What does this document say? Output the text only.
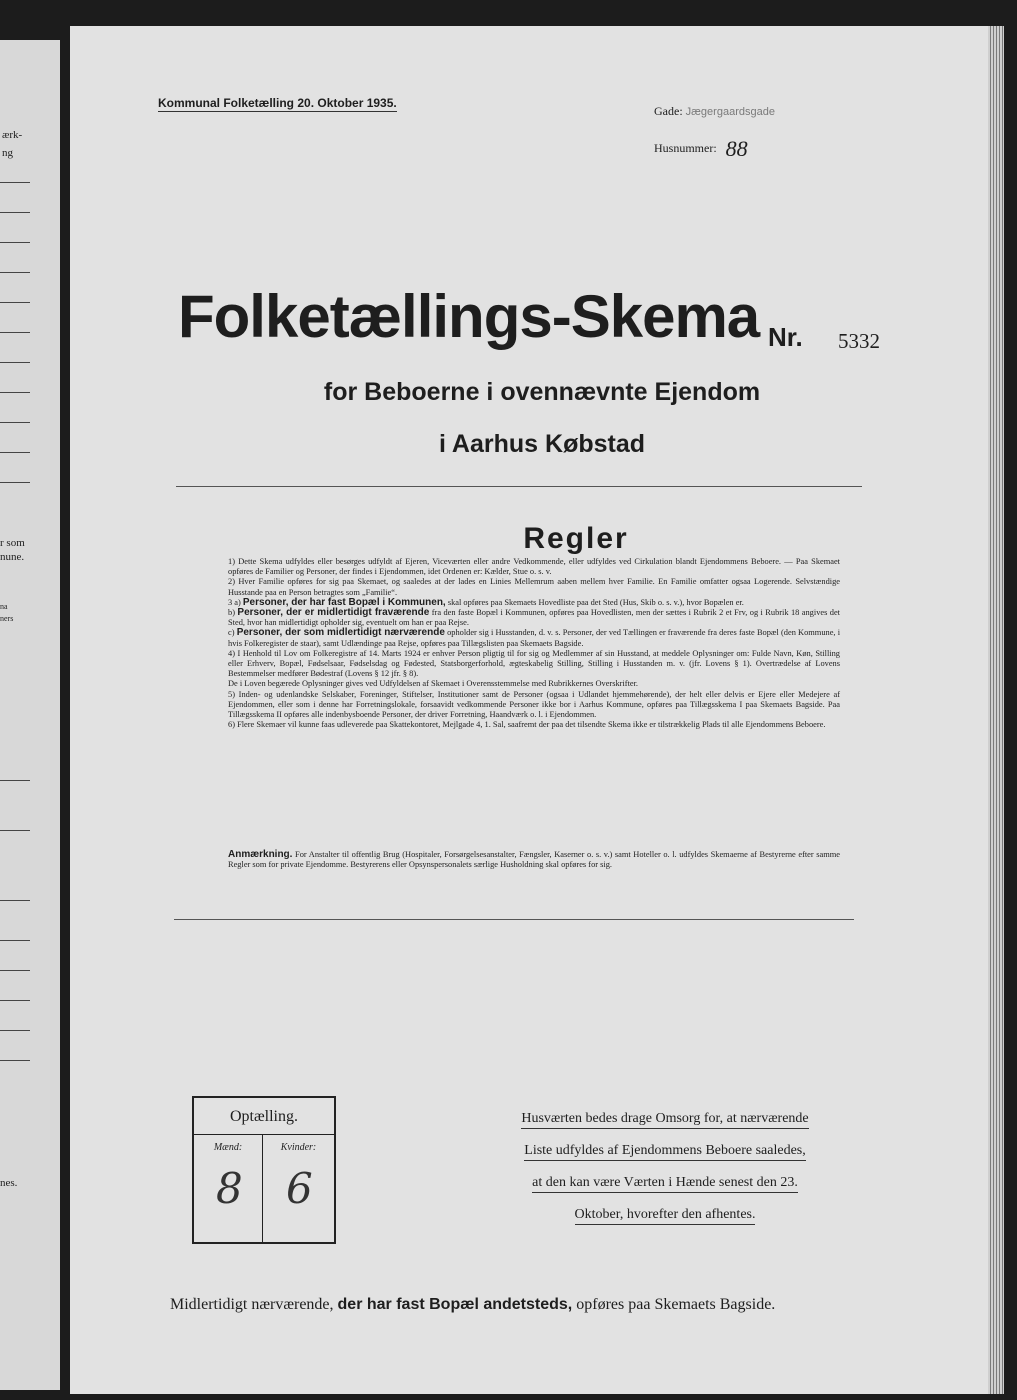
ærk-
ng
r som
nune.
na
ners
nes.
Kommunal Folketælling 20. Oktober 1935.
Gade: Jægergaardsgade
Husnummer: 88
Folketællings-Skema Nr. 5332
for Beboerne i ovennævnte Ejendom
i Aarhus Købstad
Regler

1) Dette Skema udfyldes eller besørges udfyldt af Ejeren, Viceværten eller andre Vedkommende, eller udfyldes ved Cirkulation blandt Ejendommens Beboere. — Paa Skemaet opføres de Familier og Personer, der findes i Ejendommen, idet Ordenen er: Kælder, Stue o. s. v.

2) Hver Familie opføres for sig paa Skemaet, og saaledes at der lades en Linies Mellemrum aaben mellem hver Familie. En Familie omfatter ogsaa Logerende. Selvstændige Husstande paa en Person betragtes som „Familie“.

3 a) Personer, der har fast Bopæl i Kommunen, skal opføres paa Skemaets Hovedliste paa det Sted (Hus, Skib o. s. v.), hvor Bopælen er.

b) Personer, der er midlertidigt fraværende fra den faste Bopæl i Kommunen, opføres paa Hovedlisten, men der sættes i Rubrik 2 et Frv, og i Rubrik 18 angives det Sted, hvor han midlertidigt opholder sig, eventuelt om han er paa Rejse.

c) Personer, der som midlertidigt nærværende opholder sig i Husstanden, d. v. s. Personer, der ved Tællingen er fraværende fra deres faste Bopæl (den Kommune, i hvis Folkeregister de staar), samt Udlændinge paa Rejse, opføres paa Tillægslisten paa Skemaets Bagside.

4) I Henhold til Lov om Folkeregistre af 14. Marts 1924 er enhver Person pligtig til for sig og Medlemmer af sin Husstand, at meddele Oplysninger om: Fulde Navn, Køn, Stilling eller Erhverv, Bopæl, Fødselsaar, Fødselsdag og Fødested, Statsborgerforhold, ægteskabelig Stilling, Stilling i Husstanden m. v. (jfr. Lovens § 1). Overtrædelse af Lovens Bestemmelser medfører Bødestraf (Lovens § 12 jfr. § 8).

De i Loven begærede Oplysninger gives ved Udfyldelsen af Skemaet i Overensstemmelse med Rubrikkernes Overskrifter.

5) Inden- og udenlandske Selskaber, Foreninger, Stiftelser, Institutioner samt de Personer (ogsaa i Udlandet hjemmehørende), der helt eller delvis er Ejere eller Medejere af Ejendommen, eller som i denne har Forretningslokale, forsaavidt vedkommende Personer ikke bor i Aarhus Kommune, opføres paa Tillægsskema I paa Skemaets Bagside. Paa Tillægsskema II opføres alle indenbysboende Personer, der driver Forretning, Haandværk o. l. i Ejendommen.

6) Flere Skemaer vil kunne faas udleverede paa Skattekontoret, Mejlgade 4, 1. Sal, saafremt der paa det tilsendte Skema ikke er tilstrækkelig Plads til alle Ejendommens Beboere.

Anmærkning. For Anstalter til offentlig Brug (Hospitaler, Forsørgelsesanstalter, Fængsler, Kaserner o. s. v.) samt Hoteller o. l. udfyldes Skemaerne af Bestyrerne efter samme Regler som for private Ejendomme. Bestyrerens eller Opsynspersonalets særlige Husholdning skal opføres for sig.
Optælling.
Mænd:	Kvinder:
8 6
Husværten bedes drage Omsorg for, at nærværende
Liste udfyldes af Ejendommens Beboere saaledes,
at den kan være Værten i Hænde senest den 23.
Oktober, hvorefter den afhentes.
Midlertidigt nærværende, der har fast Bopæl andetsteds, opføres paa Skemaets Bagside.
